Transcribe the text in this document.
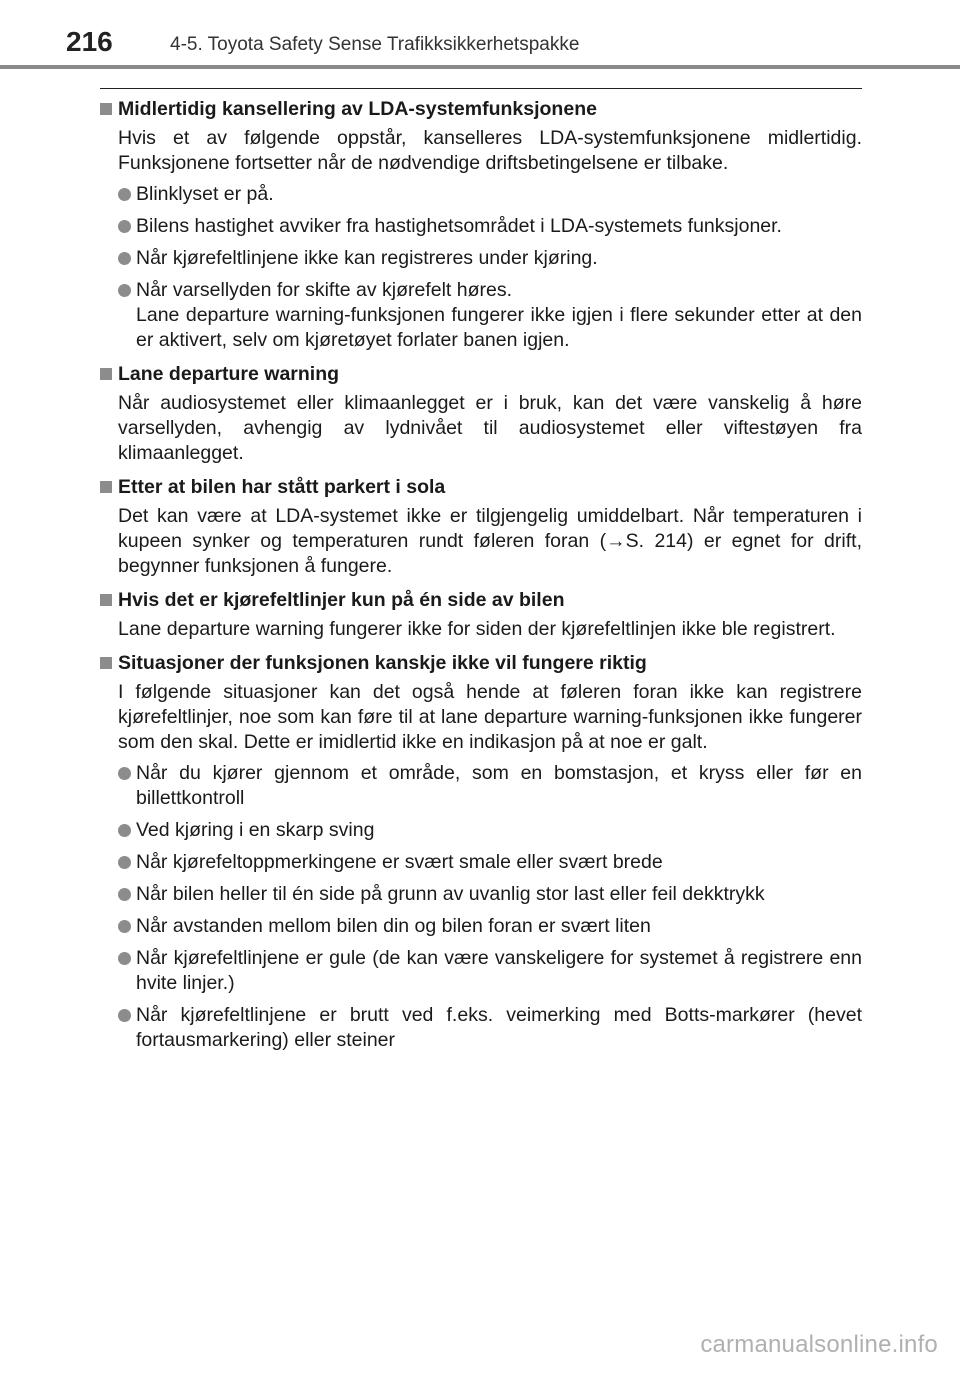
216	4-5. Toyota Safety Sense Trafikksikkerhetspakke
Midlertidig kansellering av LDA-systemfunksjonene
Hvis et av følgende oppstår, kanselleres LDA-systemfunksjonene midlertidig. Funksjonene fortsetter når de nødvendige driftsbetingelsene er tilbake.
Blinklyset er på.
Bilens hastighet avviker fra hastighetsområdet i LDA-systemets funksjoner.
Når kjørefeltlinjene ikke kan registreres under kjøring.
Når varsellyden for skifte av kjørefelt høres.
Lane departure warning-funksjonen fungerer ikke igjen i flere sekunder etter at den er aktivert, selv om kjøretøyet forlater banen igjen.
Lane departure warning
Når audiosystemet eller klimaanlegget er i bruk, kan det være vanskelig å høre varsellyden, avhengig av lydnivået til audiosystemet eller viftestøyen fra klimaanlegget.
Etter at bilen har stått parkert i sola
Det kan være at LDA-systemet ikke er tilgjengelig umiddelbart. Når temperaturen i kupeen synker og temperaturen rundt føleren foran (→S. 214) er egnet for drift, begynner funksjonen å fungere.
Hvis det er kjørefeltlinjer kun på én side av bilen
Lane departure warning fungerer ikke for siden der kjørefeltlinjen ikke ble registrert.
Situasjoner der funksjonen kanskje ikke vil fungere riktig
I følgende situasjoner kan det også hende at føleren foran ikke kan registrere kjørefeltlinjer, noe som kan føre til at lane departure warning-funksjonen ikke fungerer som den skal. Dette er imidlertid ikke en indikasjon på at noe er galt.
Når du kjører gjennom et område, som en bomstasjon, et kryss eller før en billettkontroll
Ved kjøring i en skarp sving
Når kjørefeltoppmerkingene er svært smale eller svært brede
Når bilen heller til én side på grunn av uvanlig stor last eller feil dekktrykk
Når avstanden mellom bilen din og bilen foran er svært liten
Når kjørefeltlinjene er gule (de kan være vanskeligere for systemet å registrere enn hvite linjer.)
Når kjørefeltlinjene er brutt ved f.eks. veimerking med Botts-markører (hevet fortausmarkering) eller steiner
carmanualsonline.info
